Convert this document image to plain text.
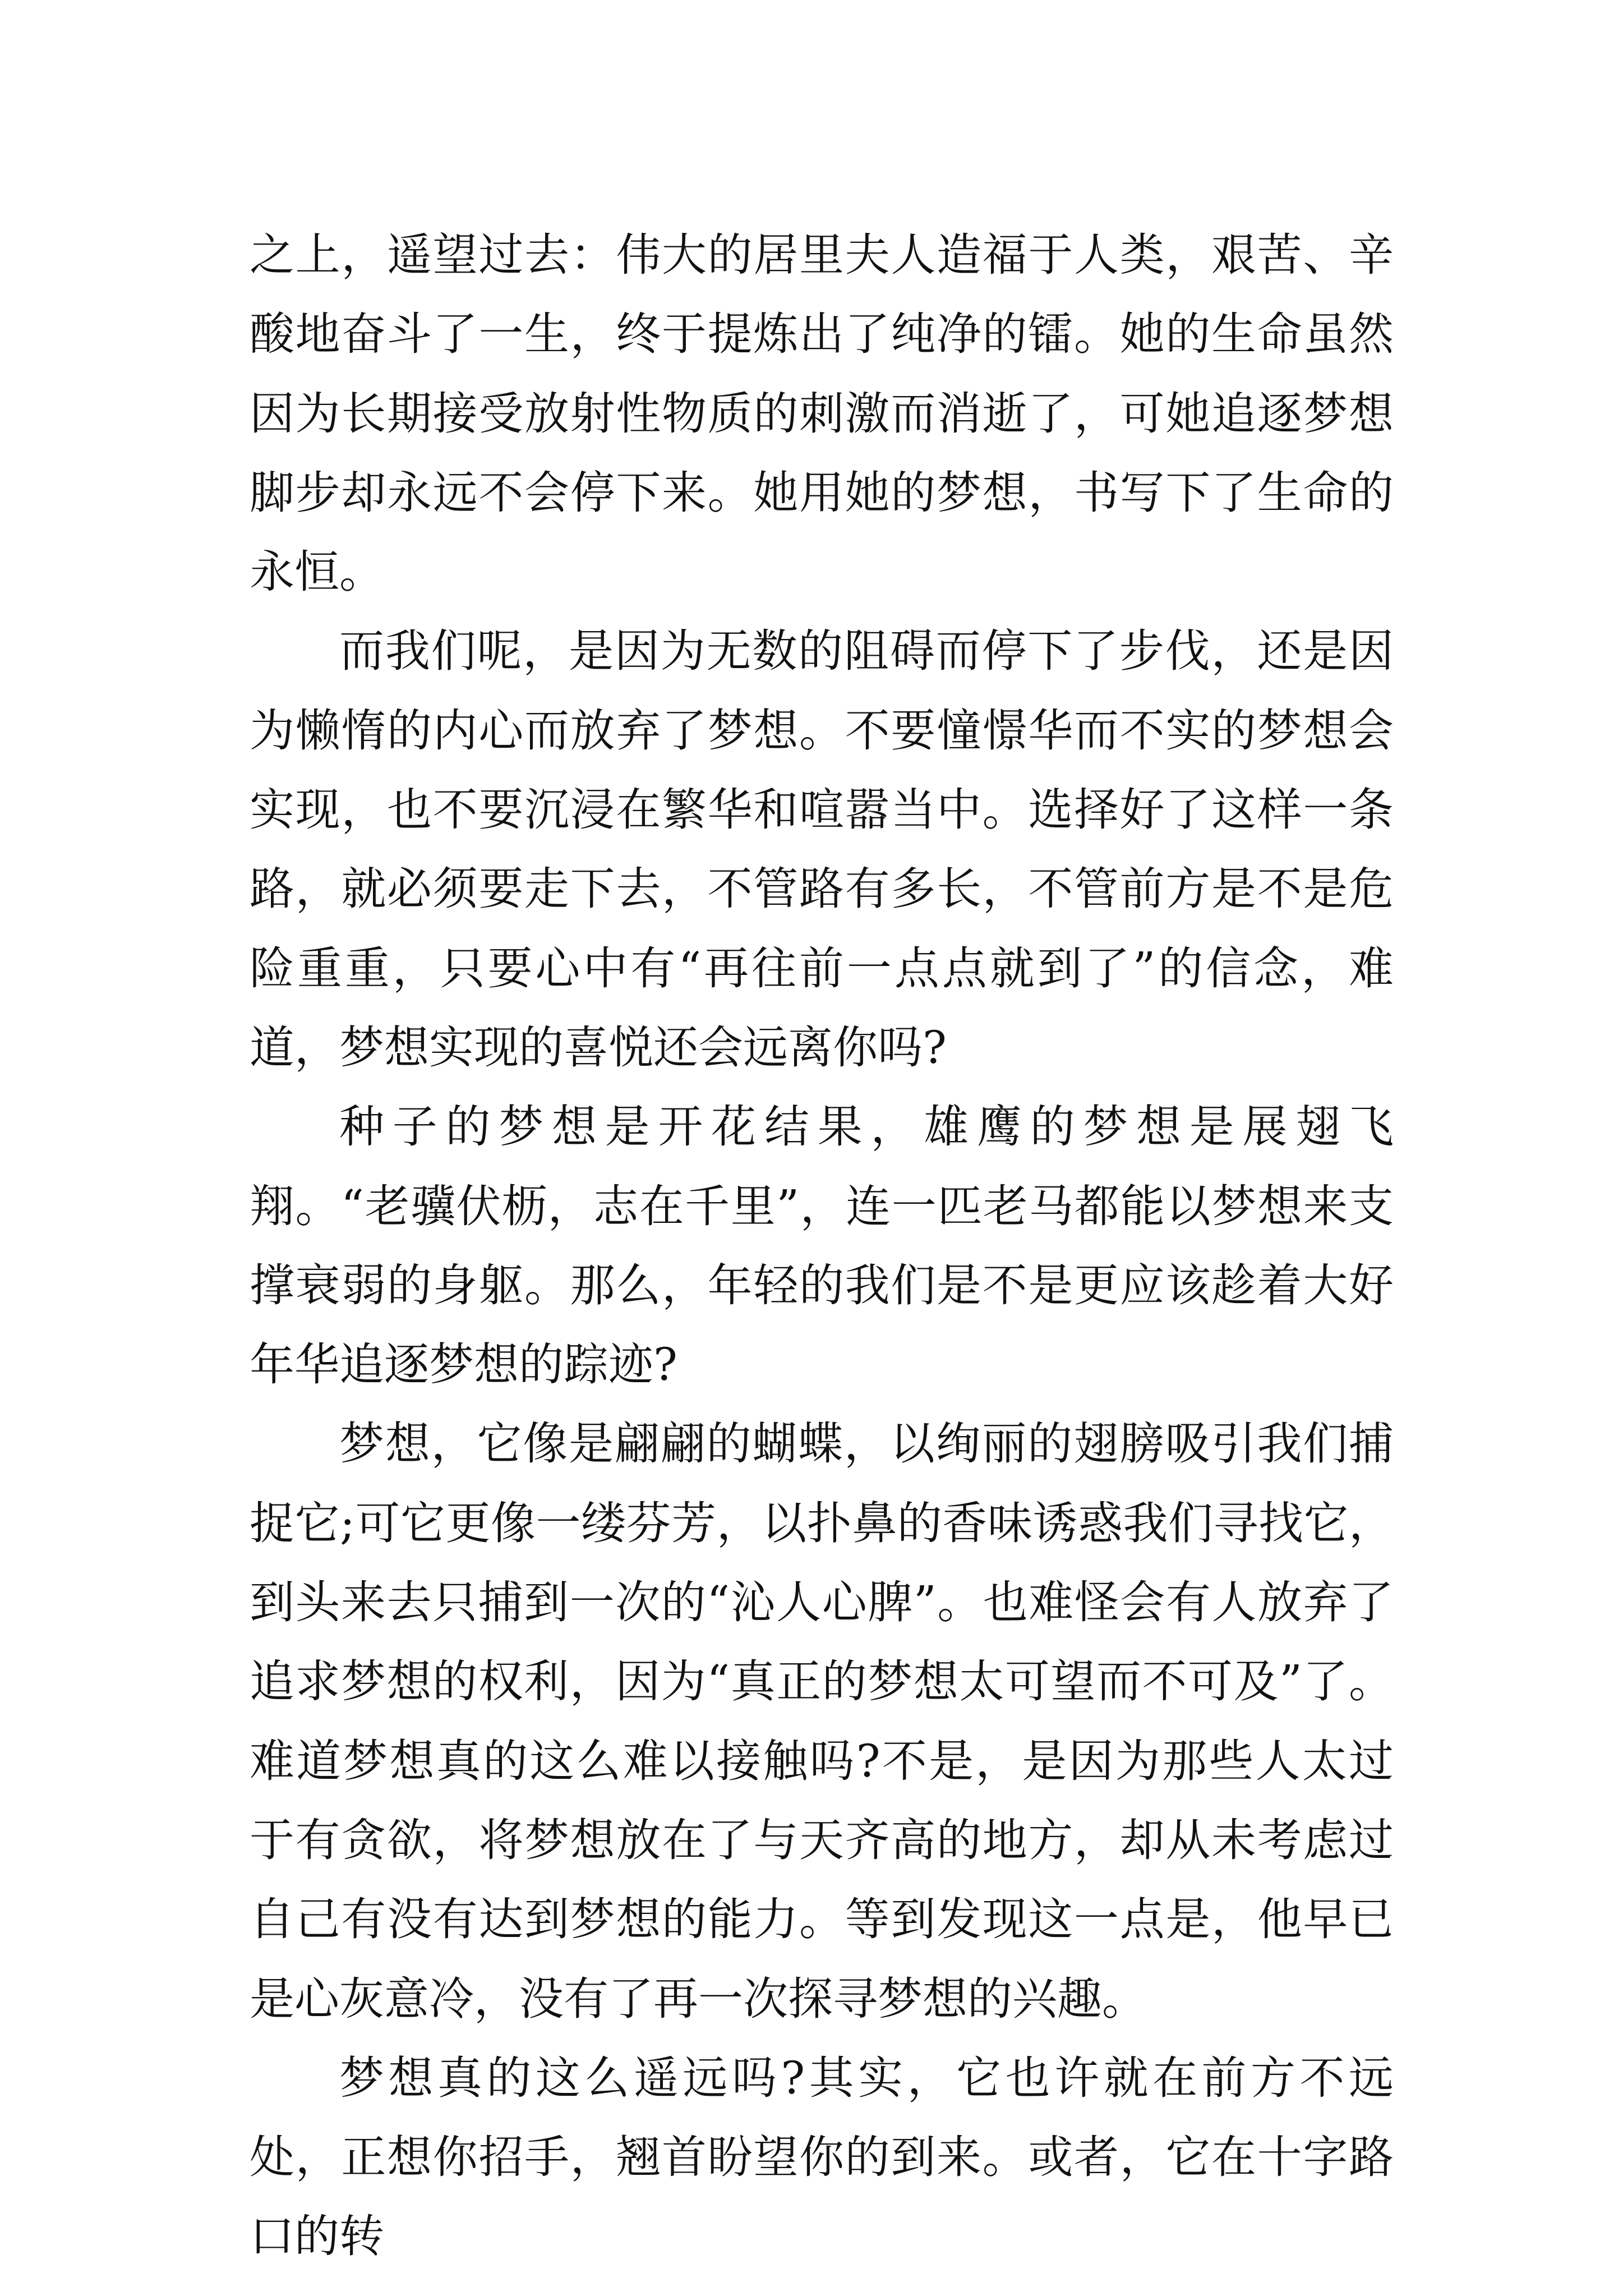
之上，遥望过去：伟大的居里夫人造福于人类，艰苦、辛酸地奋斗了一生，终于提炼出了纯净的镭。她的生命虽然因为长期接受放射性物质的刺激而消逝了，可她追逐梦想脚步却永远不会停下来。她用她的梦想，书写下了生命的永恒。

而我们呢，是因为无数的阻碍而停下了步伐，还是因为懒惰的内心而放弃了梦想。不要憧憬华而不实的梦想会实现，也不要沉浸在繁华和喧嚣当中。选择好了这样一条路，就必须要走下去，不管路有多长，不管前方是不是危险重重，只要心中有“再往前一点点就到了”的信念，难道，梦想实现的喜悦还会远离你吗?

种子的梦想是开花结果，雄鹰的梦想是展翅飞翔。“老骥伏枥，志在千里”，连一匹老马都能以梦想来支撑衰弱的身躯。那么，年轻的我们是不是更应该趁着大好年华追逐梦想的踪迹?

梦想，它像是翩翩的蝴蝶，以绚丽的翅膀吸引我们捕捉它;可它更像一缕芬芳，以扑鼻的香味诱惑我们寻找它，到头来去只捕到一次的“沁人心脾”。也难怪会有人放弃了追求梦想的权利，因为“真正的梦想太可望而不可及”了。难道梦想真的这么难以接触吗?不是，是因为那些人太过于有贪欲，将梦想放在了与天齐高的地方，却从未考虑过自己有没有达到梦想的能力。等到发现这一点是，他早已是心灰意冷，没有了再一次探寻梦想的兴趣。

梦想真的这么遥远吗?其实，它也许就在前方不远处，正想你招手，翘首盼望你的到来。或者，它在十字路口的转
